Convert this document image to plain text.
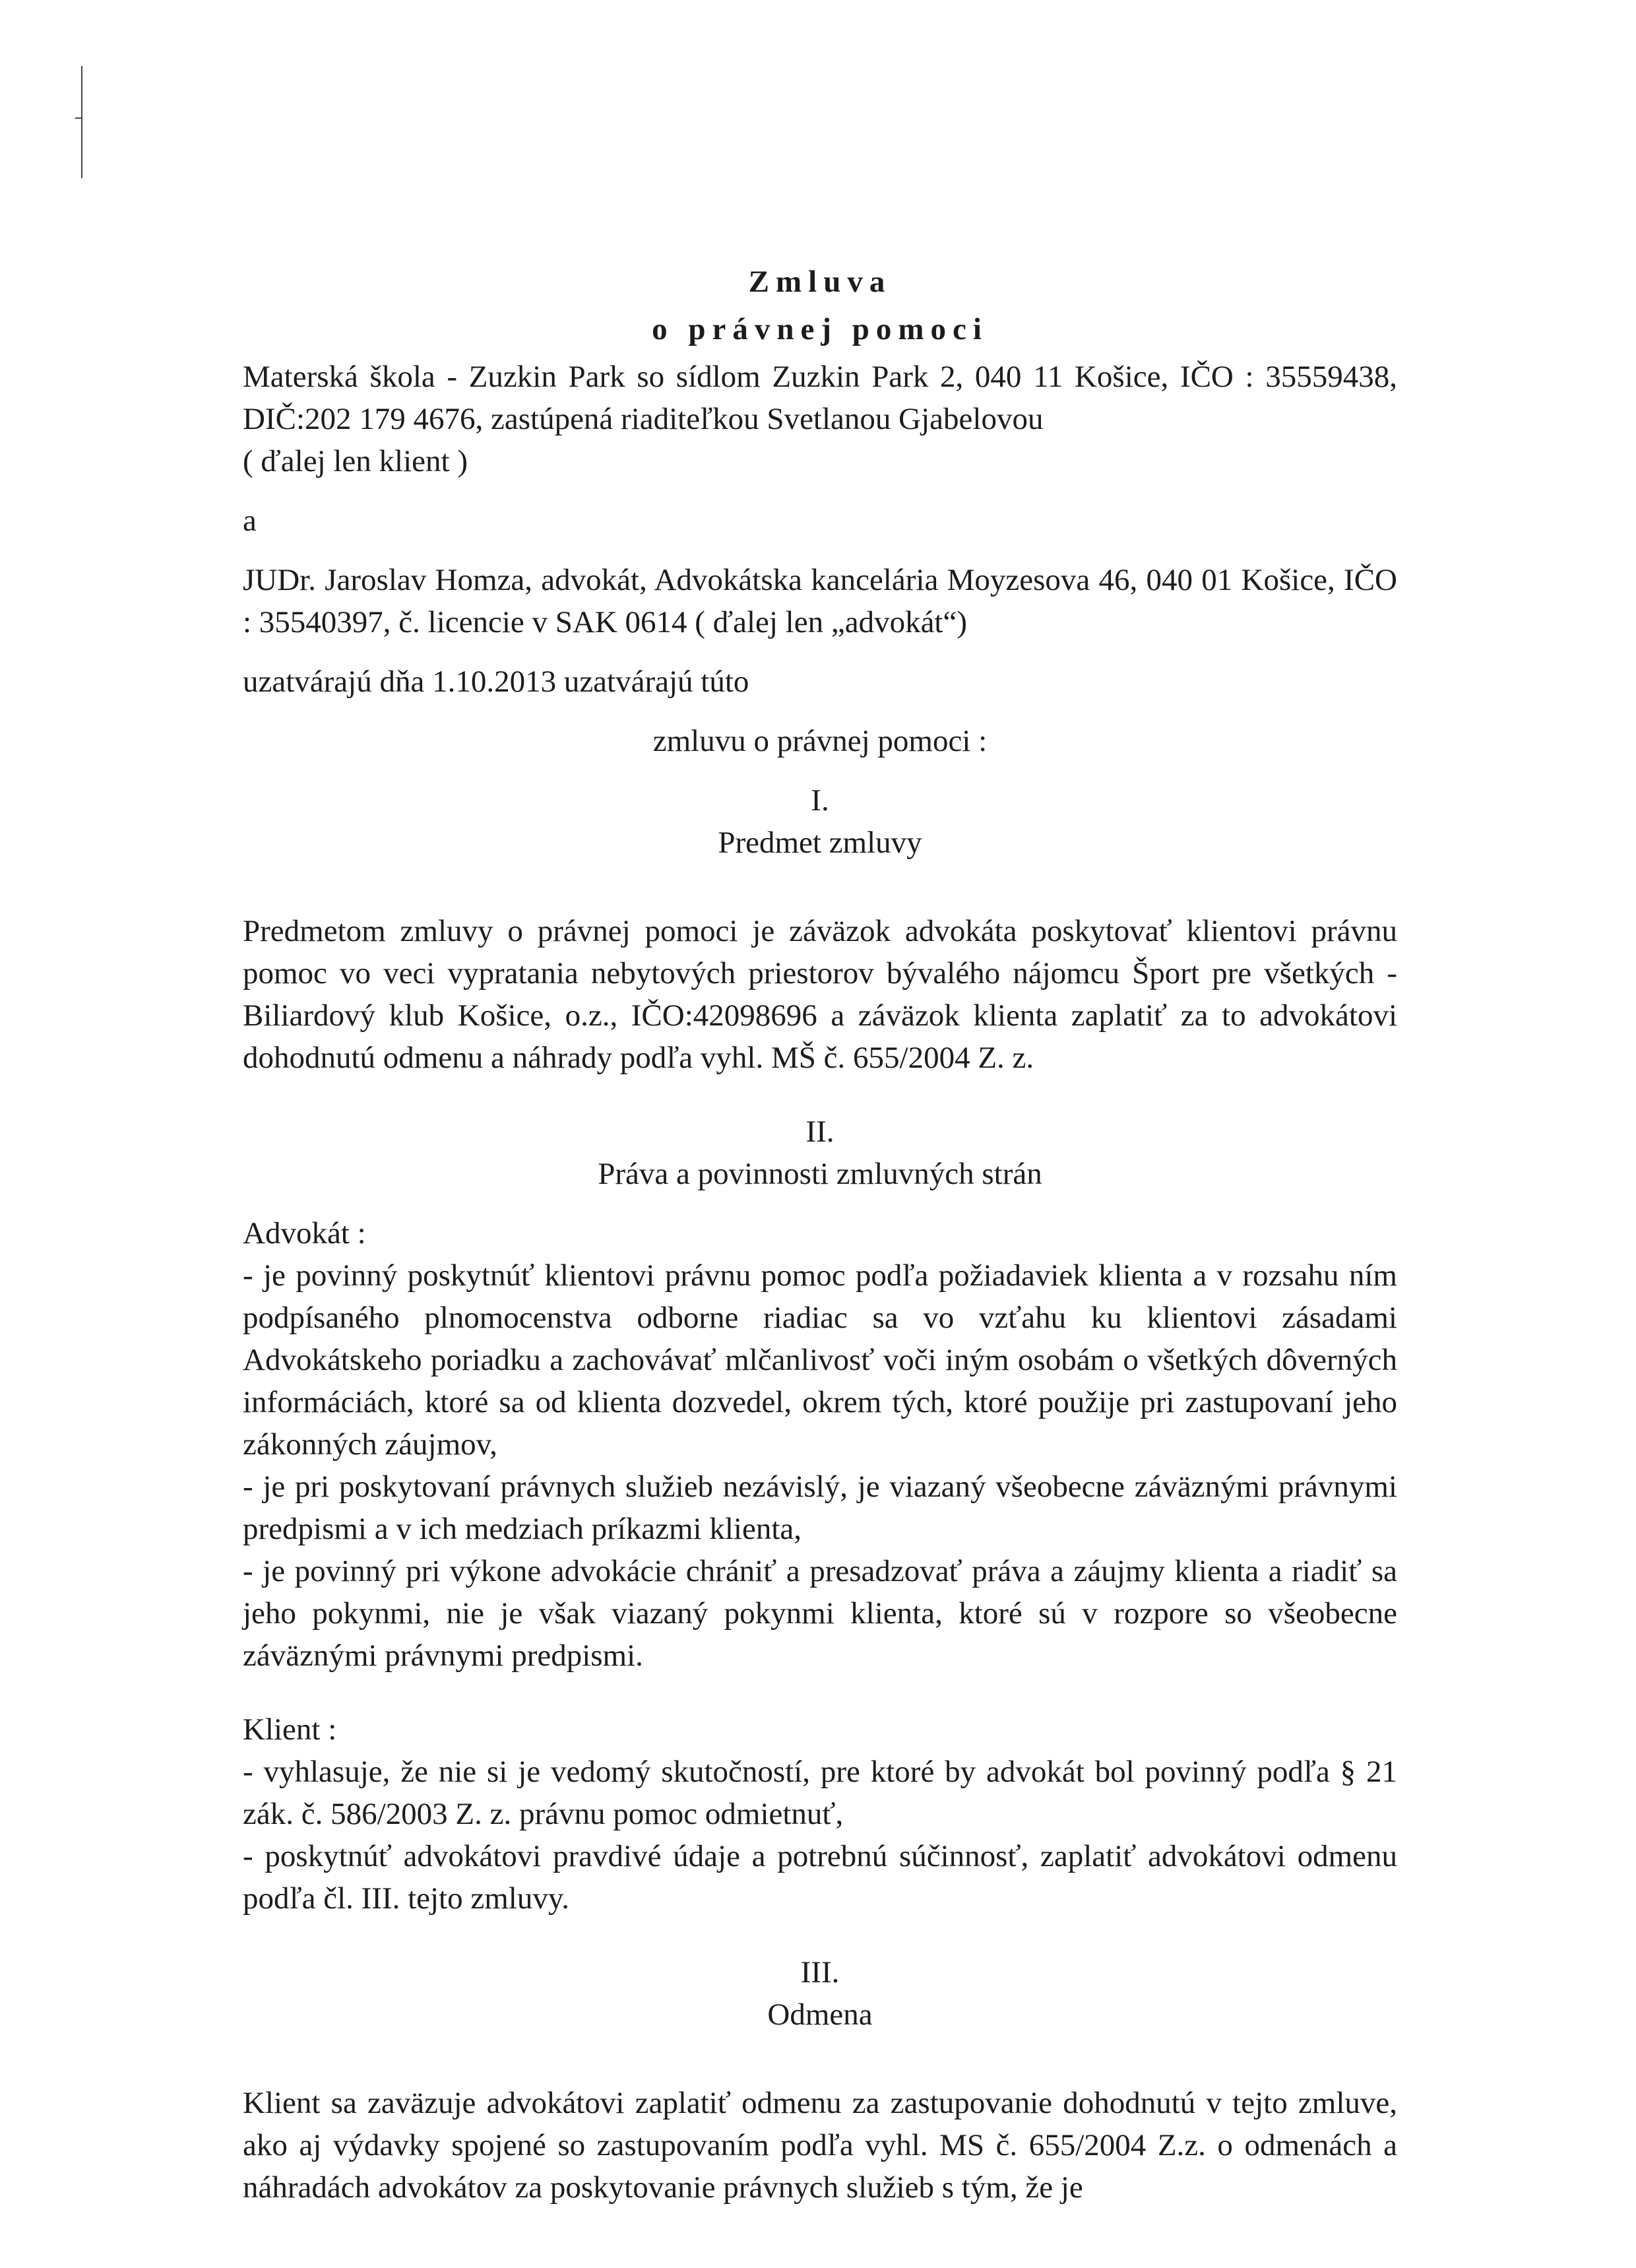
Zmluva

o právnej pomoci

Materská škola - Zuzkin Park so sídlom Zuzkin Park 2, 040 11 Košice, IČO : 35559438, DIČ:202 179 4676, zastúpená riaditeľkou Svetlanou Gjabelovou

( ďalej len klient )

a

JUDr. Jaroslav Homza, advokát, Advokátska kancelária Moyzesova 46, 040 01 Košice, IČO : 35540397, č. licencie v SAK 0614 ( ďalej len „advokát“)

uzatvárajú dňa 1.10.2013 uzatvárajú túto

zmluvu o právnej pomoci :

I.

Predmet zmluvy

Predmetom zmluvy o právnej pomoci je záväzok advokáta poskytovať klientovi právnu pomoc vo veci vypratania nebytových priestorov bývalého nájomcu Šport pre všetkých - Biliardový klub Košice, o.z., IČO:42098696 a záväzok klienta zaplatiť za to advokátovi dohodnutú odmenu a náhrady podľa vyhl. MŠ č. 655/2004 Z. z.

II.

Práva a povinnosti zmluvných strán

Advokát :

- je povinný poskytnúť klientovi právnu pomoc podľa požiadaviek klienta a v rozsahu ním podpísaného plnomocenstva odborne riadiac sa vo vzťahu ku klientovi zásadami Advokátskeho poriadku a zachovávať mlčanlivosť voči iným osobám o všetkých dôverných informáciách, ktoré sa od klienta dozvedel, okrem tých, ktoré použije pri zastupovaní jeho zákonných záujmov,

- je pri poskytovaní právnych služieb nezávislý, je viazaný všeobecne záväznými právnymi predpismi a v ich medziach príkazmi klienta,

- je povinný pri výkone advokácie chrániť a presadzovať práva a záujmy klienta a riadiť sa jeho pokynmi, nie je však viazaný pokynmi klienta, ktoré sú v rozpore so všeobecne záväznými právnymi predpismi.

Klient :

- vyhlasuje, že nie si je vedomý skutočností, pre ktoré by advokát bol povinný podľa § 21 zák. č. 586/2003 Z. z. právnu pomoc odmietnuť,

- poskytnúť advokátovi pravdivé údaje a potrebnú súčinnosť, zaplatiť advokátovi odmenu podľa čl. III. tejto zmluvy.

III.

Odmena

Klient sa zaväzuje advokátovi zaplatiť odmenu za zastupovanie dohodnutú v tejto zmluve, ako aj výdavky spojené so zastupovaním podľa vyhl. MS č. 655/2004 Z.z. o odmenách a náhradách advokátov za poskytovanie právnych služieb s tým, že je
